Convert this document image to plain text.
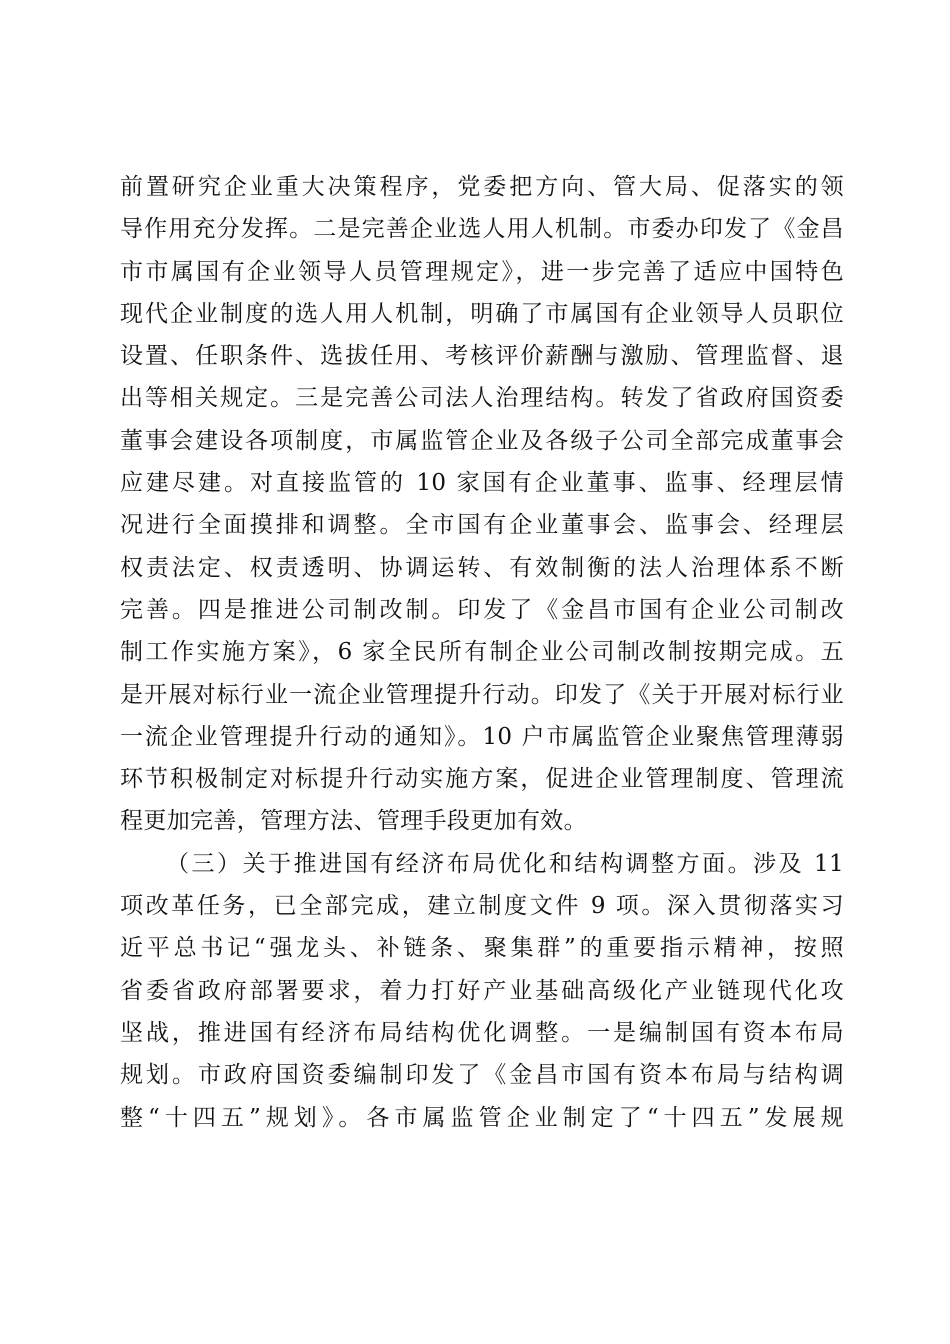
前置研究企业重大决策程序，党委把方向、管大局、促落实的领
导作用充分发挥。二是完善企业选人用人机制。市委办印发了《金昌
市市属国有企业领导人员管理规定》，进一步完善了适应中国特色
现代企业制度的选人用人机制，明确了市属国有企业领导人员职位
设置、任职条件、选拔任用、考核评价薪酬与激励、管理监督、退
出等相关规定。三是完善公司法人治理结构。转发了省政府国资委
董事会建设各项制度，市属监管企业及各级子公司全部完成董事会
应建尽建。对直接监管的 10 家国有企业董事、监事、经理层情
况进行全面摸排和调整。全市国有企业董事会、监事会、经理层
权责法定、权责透明、协调运转、有效制衡的法人治理体系不断
完善。四是推进公司制改制。印发了《金昌市国有企业公司制改
制工作实施方案》，6 家全民所有制企业公司制改制按期完成。五
是开展对标行业一流企业管理提升行动。印发了《关于开展对标行业
一流企业管理提升行动的通知》。10 户市属监管企业聚焦管理薄弱
环节积极制定对标提升行动实施方案，促进企业管理制度、管理流
程更加完善，管理方法、管理手段更加有效。
（三）关于推进国有经济布局优化和结构调整方面。涉及 11
项改革任务，已全部完成，建立制度文件 9 项。深入贯彻落实习
近平总书记“强龙头、补链条、聚集群”的重要指示精神，按照
省委省政府部署要求，着力打好产业基础高级化产业链现代化攻
坚战，推进国有经济布局结构优化调整。一是编制国有资本布局
规划。市政府国资委编制印发了《金昌市国有资本布局与结构调
整“十四五”规划》。各市属监管企业制定了“十四五”发展规
